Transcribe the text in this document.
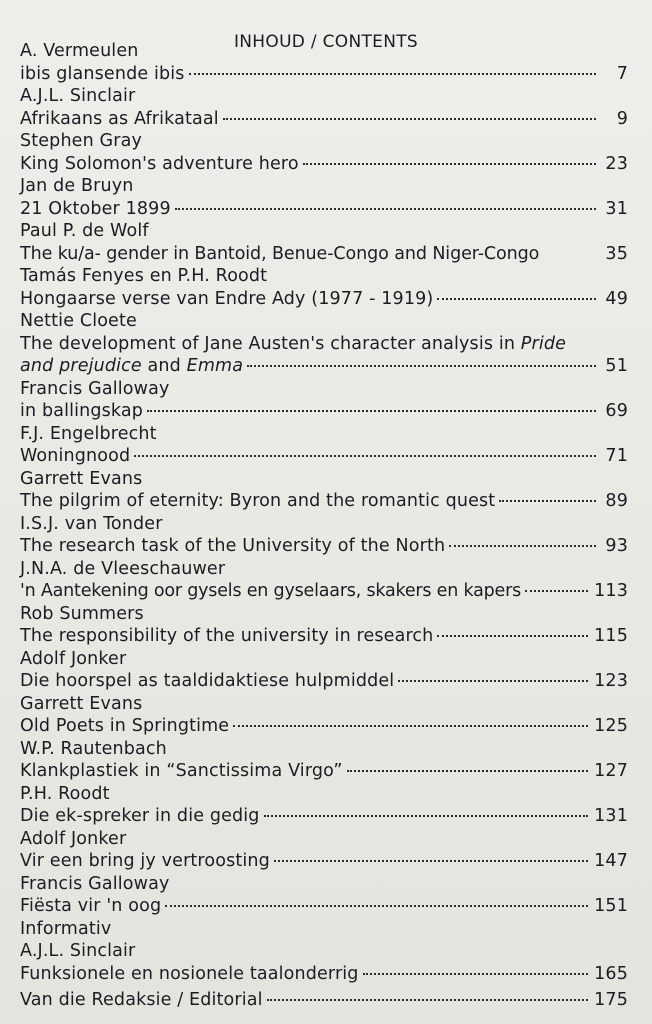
INHOUD / CONTENTS
A. Vermeulen
ibis glansende ibis	7
A.J.L. Sinclair
Afrikaans as Afrikataal	9
Stephen Gray
King Solomon's adventure hero	23
Jan de Bruyn
21 Oktober 1899	31
Paul P. de Wolf
The ku/a- gender in Bantoid, Benue-Congo and Niger-Congo	35
Tamás Fenyes en P.H. Roodt
Hongaarse verse van Endre Ady (1977 - 1919)	49
Nettie Cloete
The development of Jane Austen's character analysis in Pride
and prejudice and Emma	51
Francis Galloway
in ballingskap	69
F.J. Engelbrecht
Woningnood	71
Garrett Evans
The pilgrim of eternity: Byron and the romantic quest	89
I.S.J. van Tonder
The research task of the University of the North	93
J.N.A. de Vleeschauwer
'n Aantekening oor gysels en gyselaars, skakers en kapers	113
Rob Summers
The responsibility of the university in research	115
Adolf Jonker
Die hoorspel as taaldidaktiese hulpmiddel	123
Garrett Evans
Old Poets in Springtime	125
W.P. Rautenbach
Klankplastiek in “Sanctissima Virgo”	127
P.H. Roodt
Die ek-spreker in die gedig	131
Adolf Jonker
Vir een bring jy vertroosting	147
Francis Galloway
Fiësta vir 'n oog	151
Informativ
A.J.L. Sinclair
Funksionele en nosionele taalonderrig	165
Van die Redaksie / Editorial	175
